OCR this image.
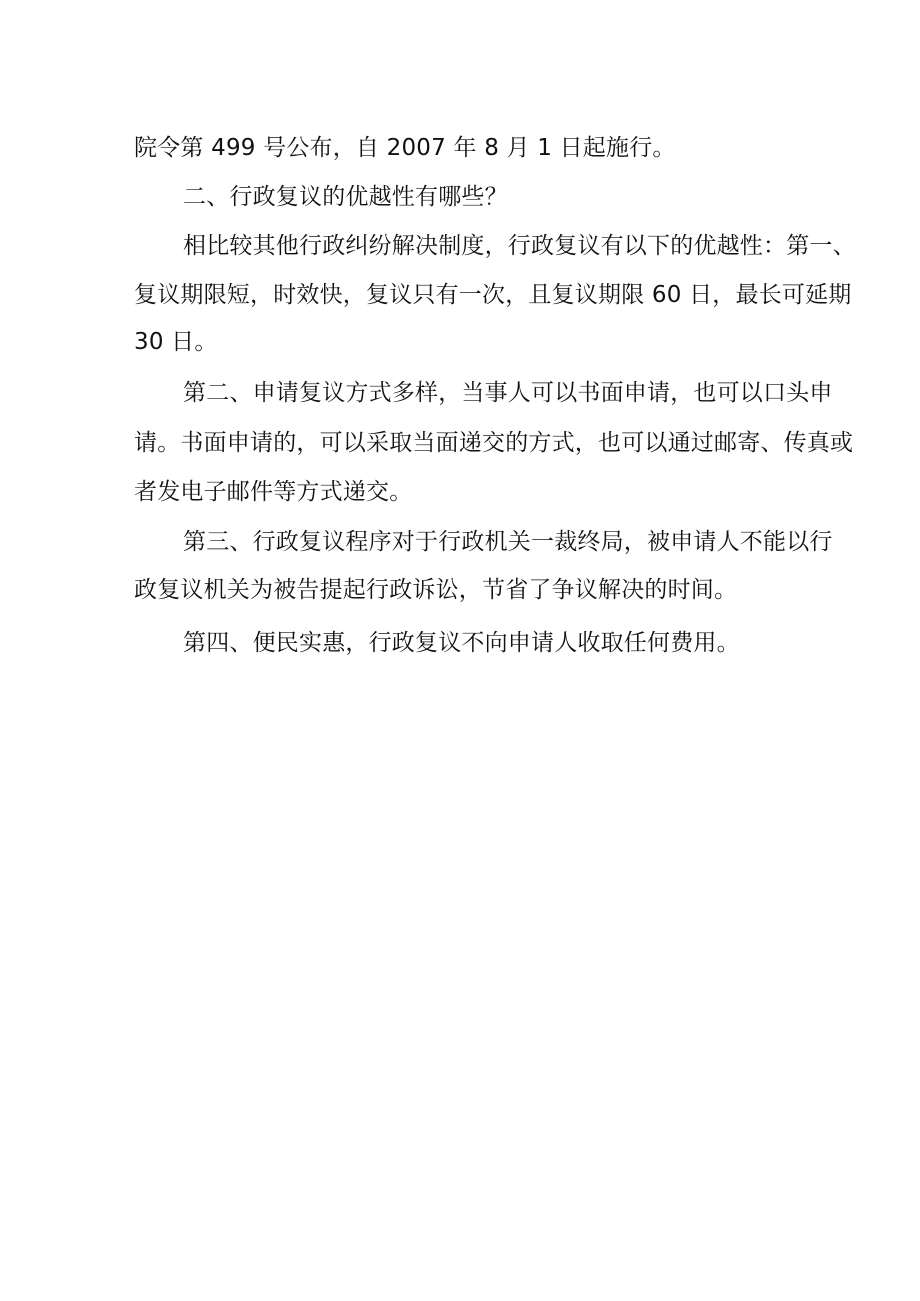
院令第 499 号公布，自 2007 年 8 月 1 日起施行。
二、行政复议的优越性有哪些？
相比较其他行政纠纷解决制度，行政复议有以下的优越性：第一、
复议期限短，时效快，复议只有一次，且复议期限 60 日，最长可延期
30 日。
第二、申请复议方式多样，当事人可以书面申请，也可以口头申
请。书面申请的，可以采取当面递交的方式，也可以通过邮寄、传真或
者发电子邮件等方式递交。
第三、行政复议程序对于行政机关一裁终局，被申请人不能以行
政复议机关为被告提起行政诉讼，节省了争议解决的时间。
第四、便民实惠，行政复议不向申请人收取任何费用。
